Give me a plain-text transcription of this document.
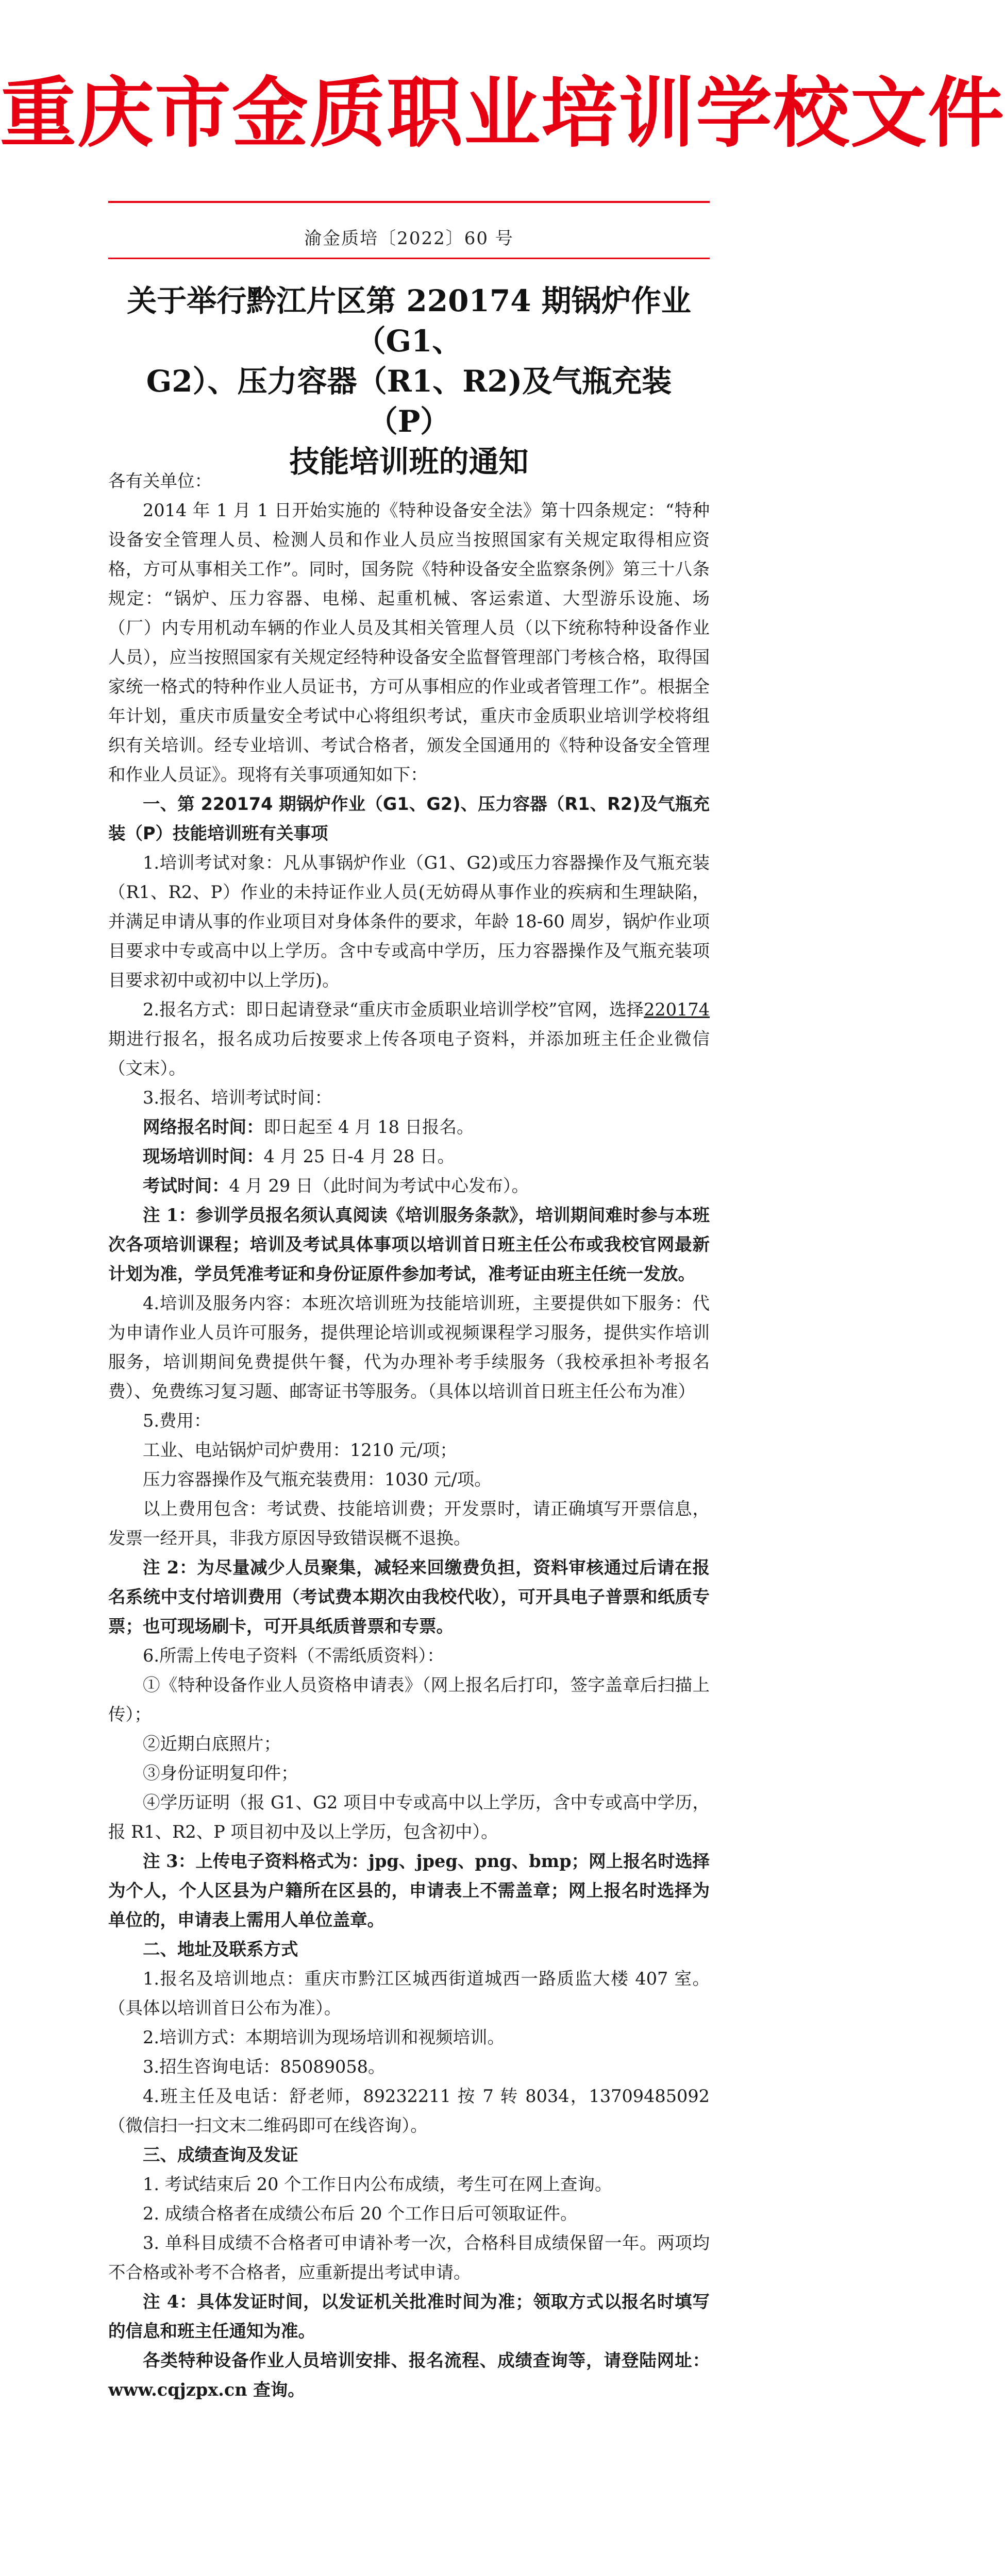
重庆市金质职业培训学校文件
渝金质培〔2022〕60 号
关于举行黔江片区第 220174 期锅炉作业（G1、
G2）、压力容器（R1、R2)及气瓶充装（P）
技能培训班的通知

各有关单位：

2014 年 1 月 1 日开始实施的《特种设备安全法》第十四条规定：“特种设备安全管理人员、检测人员和作业人员应当按照国家有关规定取得相应资格，方可从事相关工作”。同时，国务院《特种设备安全监察条例》第三十八条规定：“锅炉、压力容器、电梯、起重机械、客运索道、大型游乐设施、场（厂）内专用机动车辆的作业人员及其相关管理人员（以下统称特种设备作业人员），应当按照国家有关规定经特种设备安全监督管理部门考核合格，取得国家统一格式的特种作业人员证书，方可从事相应的作业或者管理工作”。根据全年计划，重庆市质量安全考试中心将组织考试，重庆市金质职业培训学校将组织有关培训。经专业培训、考试合格者，颁发全国通用的《特种设备安全管理和作业人员证》。现将有关事项通知如下：

一、第 220174 期锅炉作业（G1、G2)、压力容器（R1、R2)及气瓶充装（P）技能培训班有关事项

1.培训考试对象：凡从事锅炉作业（G1、G2)或压力容器操作及气瓶充装（R1、R2、P）作业的未持证作业人员(无妨碍从事作业的疾病和生理缺陷，并满足申请从事的作业项目对身体条件的要求，年龄 18-60 周岁，锅炉作业项目要求中专或高中以上学历。含中专或高中学历，压力容器操作及气瓶充装项目要求初中或初中以上学历)。

2.报名方式：即日起请登录“重庆市金质职业培训学校”官网，选择220174期进行报名，报名成功后按要求上传各项电子资料，并添加班主任企业微信（文末）。

3.报名、培训考试时间：

网络报名时间：即日起至 4 月 18 日报名。

现场培训时间：4 月 25 日-4 月 28 日。

考试时间：4 月 29 日（此时间为考试中心发布）。

注 1：参训学员报名须认真阅读《培训服务条款》，培训期间难时参与本班次各项培训课程；培训及考试具体事项以培训首日班主任公布或我校官网最新计划为准，学员凭准考证和身份证原件参加考试，准考证由班主任统一发放。

4.培训及服务内容：本班次培训班为技能培训班，主要提供如下服务：代为申请作业人员许可服务，提供理论培训或视频课程学习服务，提供实作培训服务，培训期间免费提供午餐，代为办理补考手续服务（我校承担补考报名费）、免费练习复习题、邮寄证书等服务。（具体以培训首日班主任公布为准）

5.费用：

工业、电站锅炉司炉费用：1210 元/项；

压力容器操作及气瓶充装费用：1030 元/项。

以上费用包含：考试费、技能培训费；开发票时，请正确填写开票信息，发票一经开具，非我方原因导致错误概不退换。

注 2：为尽量减少人员聚集，减轻来回缴费负担，资料审核通过后请在报名系统中支付培训费用（考试费本期次由我校代收），可开具电子普票和纸质专票；也可现场刷卡，可开具纸质普票和专票。

6.所需上传电子资料（不需纸质资料）：

①《特种设备作业人员资格申请表》（网上报名后打印，签字盖章后扫描上传）；

②近期白底照片；

③身份证明复印件；

④学历证明（报 G1、G2 项目中专或高中以上学历，含中专或高中学历，报 R1、R2、P 项目初中及以上学历，包含初中）。

注 3：上传电子资料格式为：jpg、jpeg、png、bmp；网上报名时选择为个人，个人区县为户籍所在区县的，申请表上不需盖章；网上报名时选择为单位的，申请表上需用人单位盖章。

二、地址及联系方式

1.报名及培训地点：重庆市黔江区城西街道城西一路质监大楼 407 室。（具体以培训首日公布为准）。

2.培训方式：本期培训为现场培训和视频培训。

3.招生咨询电话：85089058。

4.班主任及电话：舒老师，89232211 按 7 转 8034，13709485092（微信扫一扫文末二维码即可在线咨询）。

三、成绩查询及发证

1. 考试结束后 20 个工作日内公布成绩，考生可在网上查询。

2. 成绩合格者在成绩公布后 20 个工作日后可领取证件。

3. 单科目成绩不合格者可申请补考一次，合格科目成绩保留一年。两项均不合格或补考不合格者，应重新提出考试申请。

注 4：具体发证时间，以发证机关批准时间为准；领取方式以报名时填写的信息和班主任通知为准。

各类特种设备作业人员培训安排、报名流程、成绩查询等，请登陆网址：www.cqjzpx.cn 查询。
